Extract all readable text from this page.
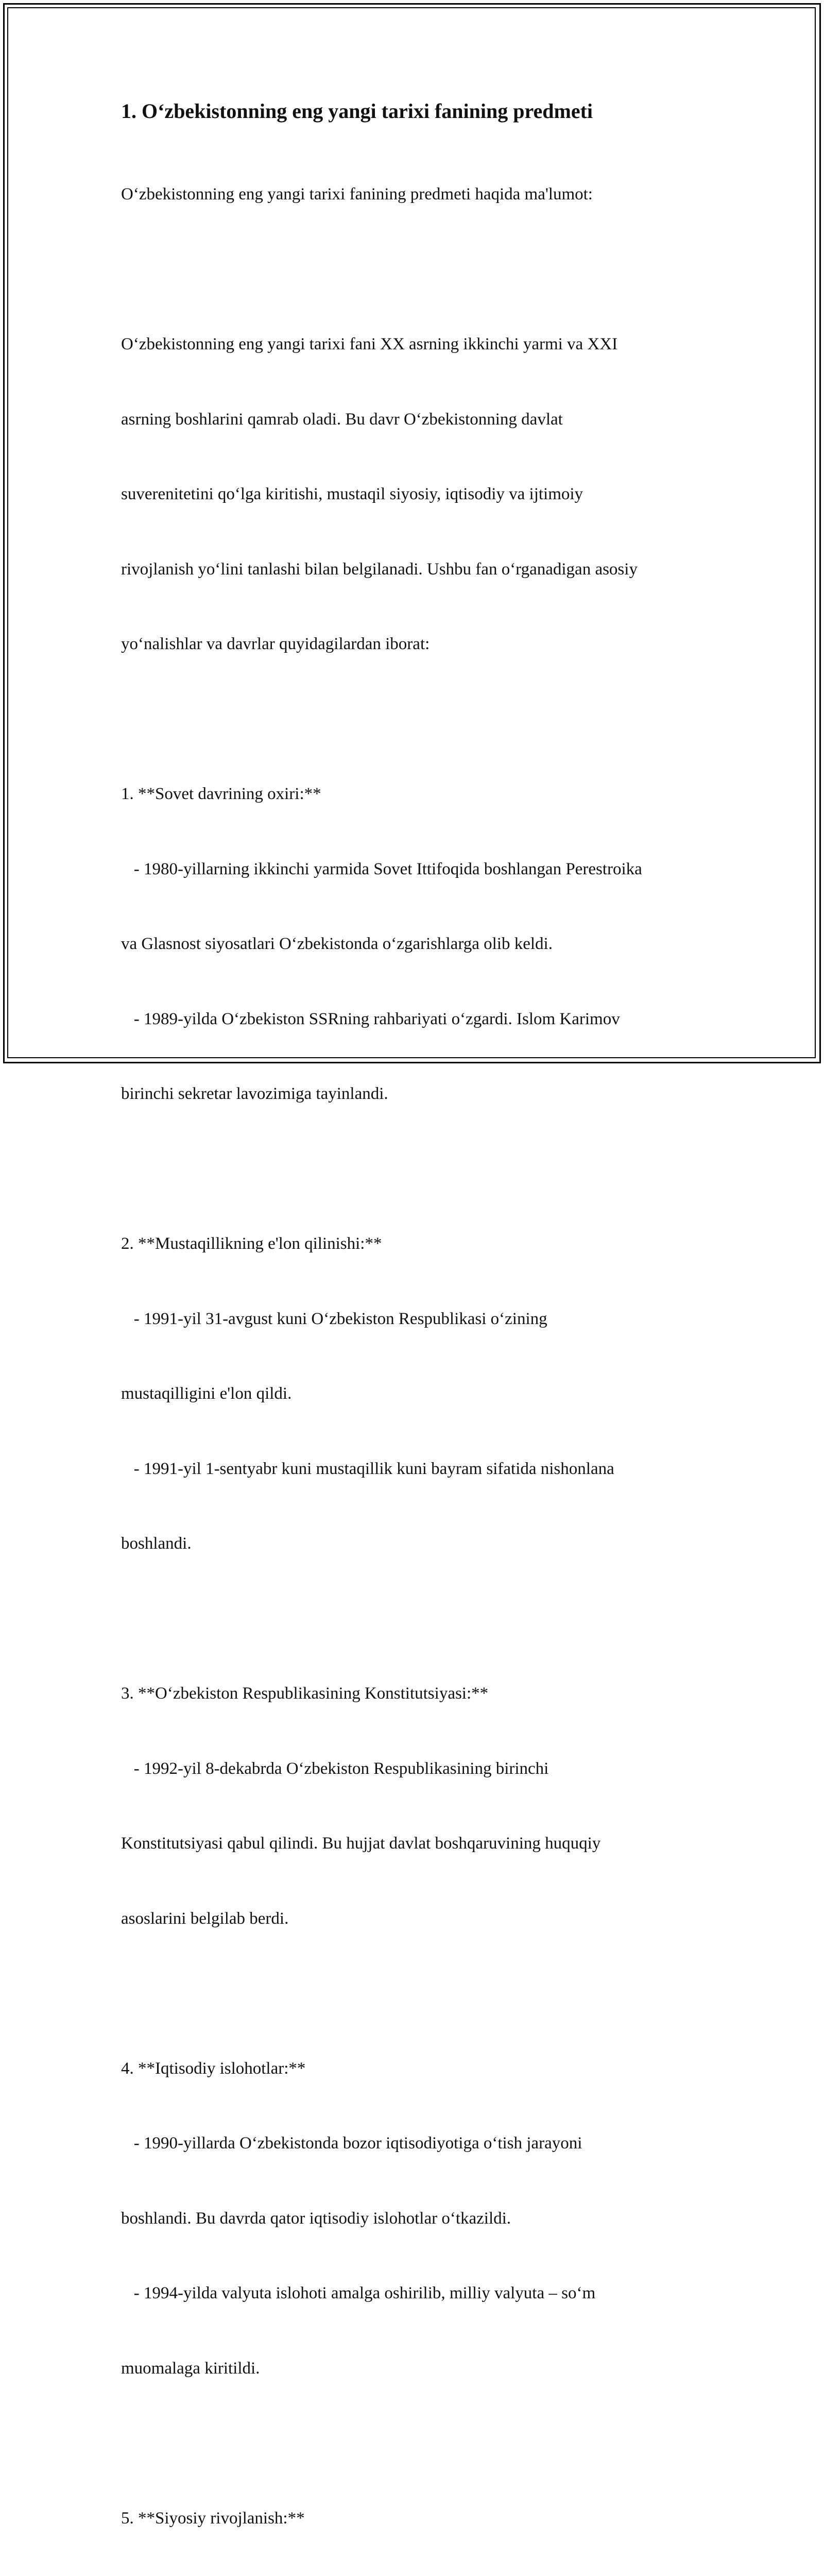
1. O‘zbekistonning eng yangi tarixi fanining predmeti

O‘zbekistonning eng yangi tarixi fanining predmeti haqida ma'lumot:

O‘zbekistonning eng yangi tarixi fani XX asrning ikkinchi yarmi va XXI

asrning boshlarini qamrab oladi. Bu davr O‘zbekistonning davlat

suverenitetini qo‘lga kiritishi, mustaqil siyosiy, iqtisodiy va ijtimoiy

rivojlanish yo‘lini tanlashi bilan belgilanadi. Ushbu fan o‘rganadigan asosiy

yo‘nalishlar va davrlar quyidagilardan iborat:

1. **Sovet davrining oxiri:**

- 1980-yillarning ikkinchi yarmida Sovet Ittifoqida boshlangan Perestroika

va Glasnost siyosatlari O‘zbekistonda o‘zgarishlarga olib keldi.

- 1989-yilda O‘zbekiston SSRning rahbariyati o‘zgardi. Islom Karimov

birinchi sekretar lavozimiga tayinlandi.

2. **Mustaqillikning e'lon qilinishi:**

- 1991-yil 31-avgust kuni O‘zbekiston Respublikasi o‘zining

mustaqilligini e'lon qildi.

- 1991-yil 1-sentyabr kuni mustaqillik kuni bayram sifatida nishonlana

boshlandi.

3. **O‘zbekiston Respublikasining Konstitutsiyasi:**

- 1992-yil 8-dekabrda O‘zbekiston Respublikasining birinchi

Konstitutsiyasi qabul qilindi. Bu hujjat davlat boshqaruvining huquqiy

asoslarini belgilab berdi.

4. **Iqtisodiy islohotlar:**

- 1990-yillarda O‘zbekistonda bozor iqtisodiyotiga o‘tish jarayoni

boshlandi. Bu davrda qator iqtisodiy islohotlar o‘tkazildi.

- 1994-yilda valyuta islohoti amalga oshirilib, milliy valyuta – so‘m

muomalaga kiritildi.

5. **Siyosiy rivojlanish:**
